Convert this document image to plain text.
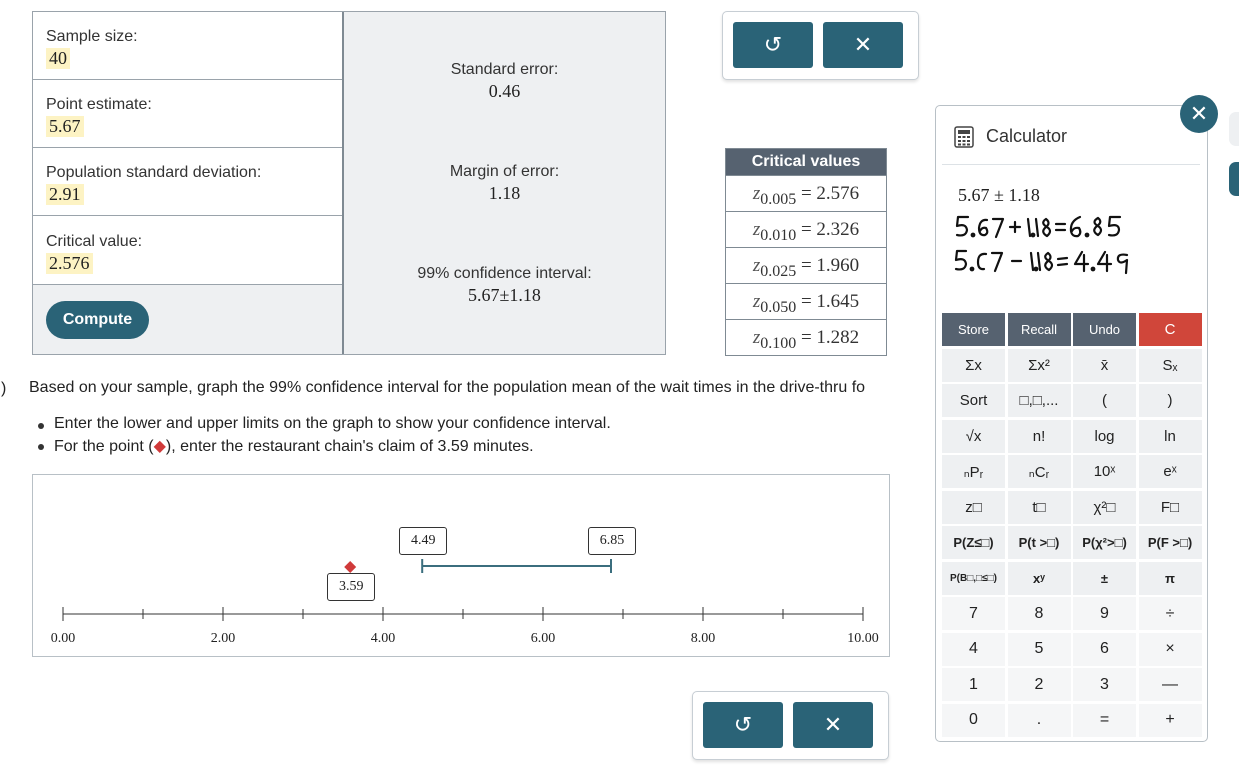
Sample size:
40
Point estimate:
5.67
Population standard deviation:
2.91
Critical value:
2.576
Compute
Standard error:
0.46
Margin of error:
1.18
99% confidence interval:
5.67±1.18
↺	✕
Critical values
$z_{0.005} = 2.576$
$z_{0.010} = 2.326$
$z_{0.025} = 1.960$
$z_{0.050} = 1.645$
$z_{0.100} = 1.282$
) Based on your sample, graph the 99% confidence interval for the population mean of the wait times in the drive-thru fo
Enter the lower and upper limits on the graph to show your confidence interval.
For the point (◆), enter the restaurant chain's claim of 3.59 minutes.
0.00	2.00	4.00	6.00	8.00	10.00
4.49	6.85
3.59
↺	✕
Calculator
5.67 ± 1.18
Store	Recall	Undo	C
Σx	Σx²	x̄	Sₓ
Sort	□,□,...	(	)
√x	n!	log	ln
ₙPᵣ	ₙCᵣ	10ˣ	eˣ
z□	t□	χ²□	F□
P(Z≤□)	P(t >□)	P(χ²>□)	P(F >□)
P(B□,□≤□)	xʸ	±	π
7	8	9	÷
4	5	6	×
1	2	3	—
0	.	=	+
✕
